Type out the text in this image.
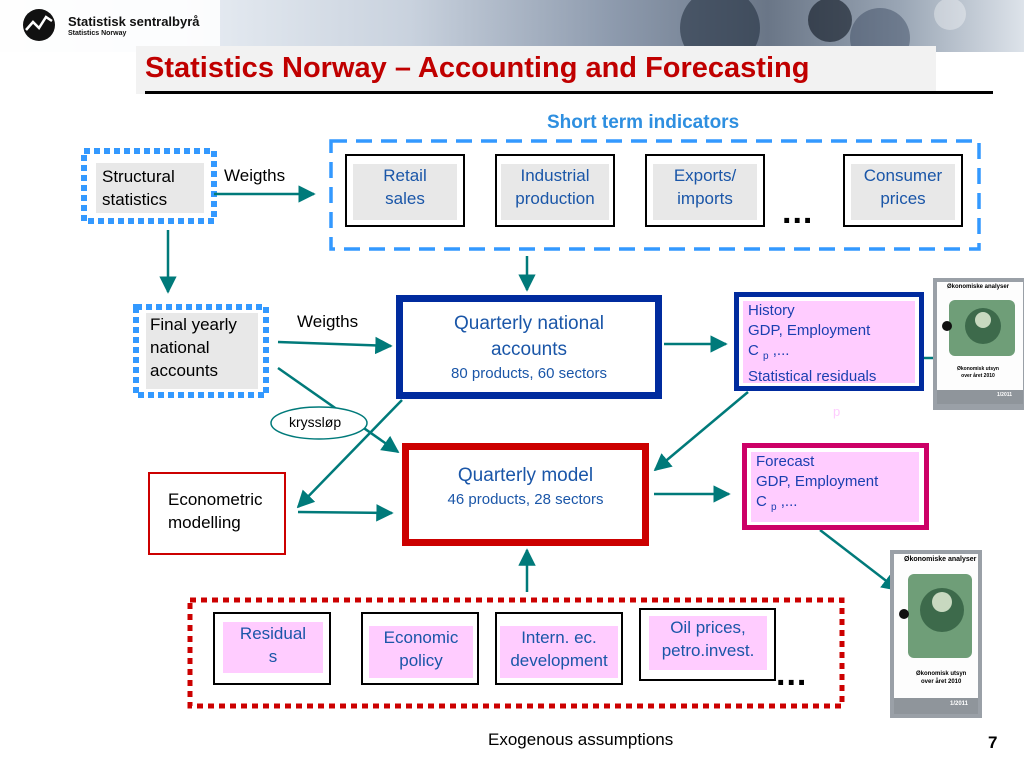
Statistisk sentralbyrå
Statistics Norway
Statistics Norway – Accounting and Forecasting
Short term indicators
Retail
sales
Industrial
production
Exports/
imports	...
Consumer
prices
Structural
statistics
Weigths
Final yearly
national
accounts
Weigths
kryssløp
Quarterly national
accounts
80 products, 60 sectors
History
GDP, Employment
C $_p$ ,...
Statistical residuals
p
Econometric
modelling
Quarterly model
46 products, 28 sectors
Forecast
GDP, Employment
C $_p$ ,...
Residual
s
Economic
policy
Intern. ec.
development
Oil prices,
petro.invest.
...
Exogenous assumptions
Økonomiske analyser
Økonomisk utsyn
over året 2010
1/2011
Økonomiske analyser
Økonomisk utsyn
over året 2010
1/2011
7
